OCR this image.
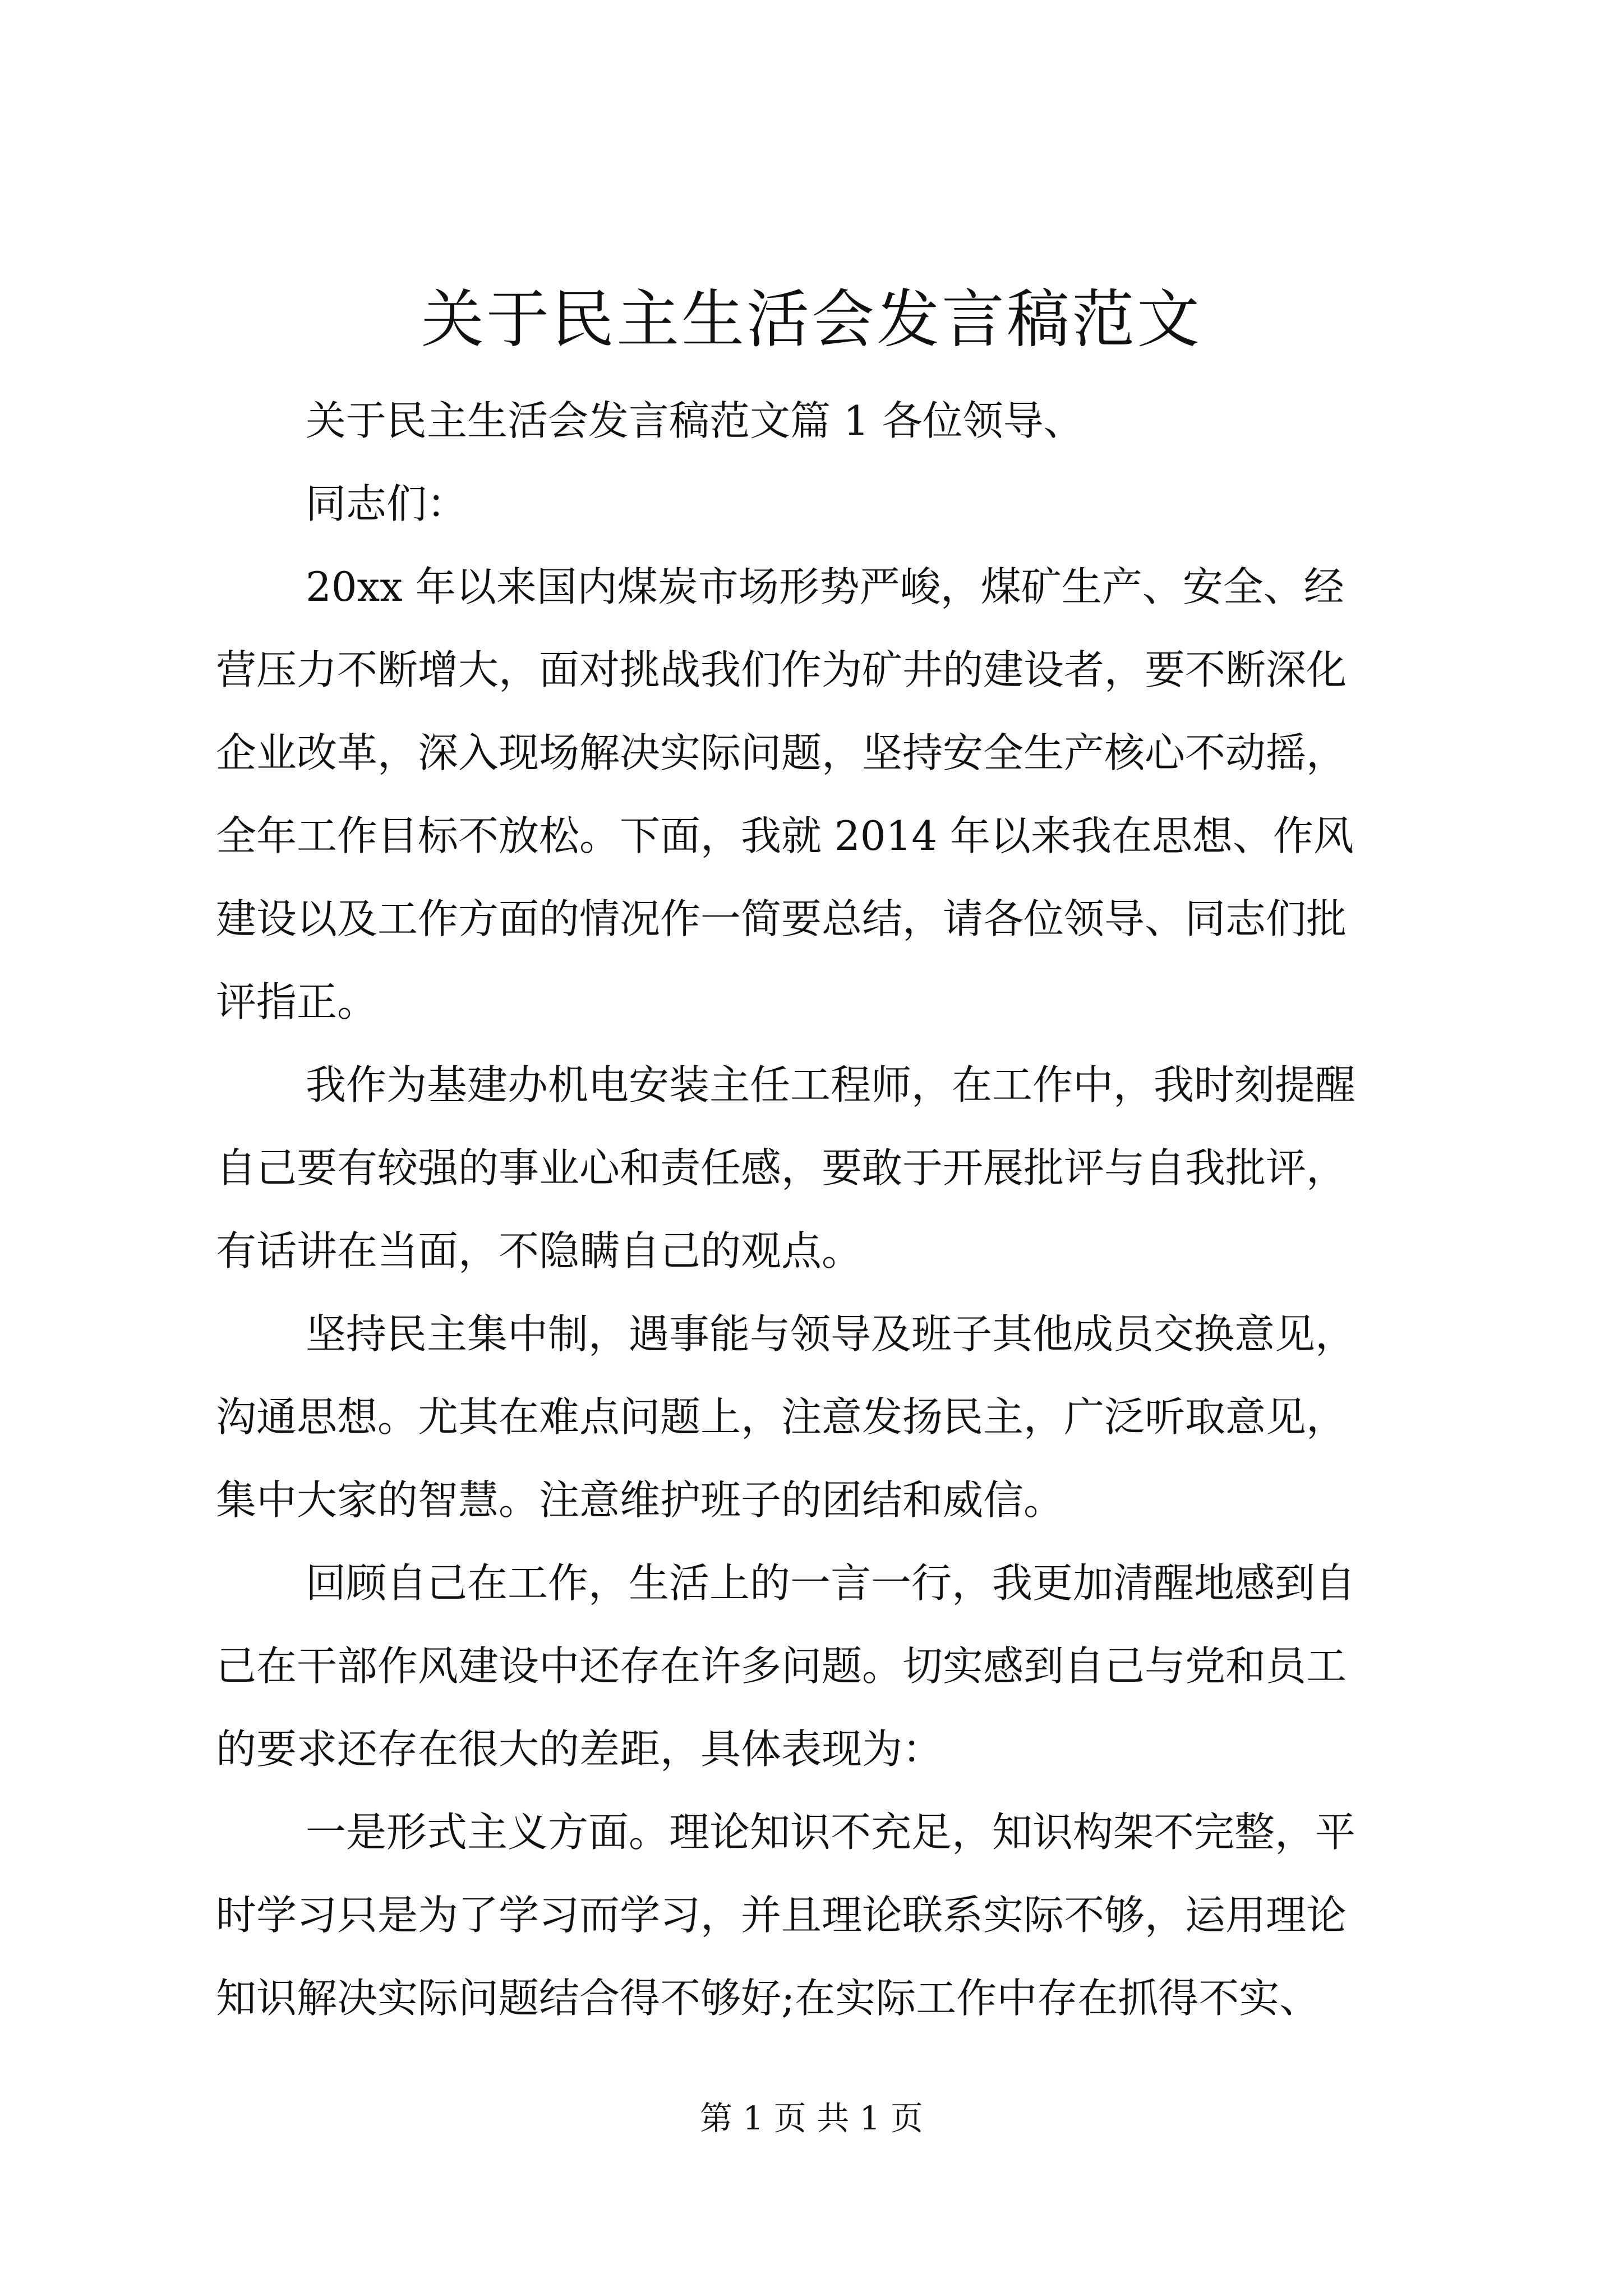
关于民主生活会发言稿范文
关于民主生活会发言稿范文篇 1 各位领导、
同志们：
20xx 年以来国内煤炭市场形势严峻，煤矿生产、安全、经
营压力不断增大，面对挑战我们作为矿井的建设者，要不断深化
企业改革，深入现场解决实际问题，坚持安全生产核心不动摇，
全年工作目标不放松。下面，我就 2014 年以来我在思想、作风
建设以及工作方面的情况作一简要总结，请各位领导、同志们批
评指正。
我作为基建办机电安装主任工程师，在工作中，我时刻提醒
自己要有较强的事业心和责任感，要敢于开展批评与自我批评，
有话讲在当面，不隐瞒自己的观点。
坚持民主集中制，遇事能与领导及班子其他成员交换意见，
沟通思想。尤其在难点问题上，注意发扬民主，广泛听取意见，
集中大家的智慧。注意维护班子的团结和威信。
回顾自己在工作，生活上的一言一行，我更加清醒地感到自
己在干部作风建设中还存在许多问题。切实感到自己与党和员工
的要求还存在很大的差距，具体表现为：
一是形式主义方面。理论知识不充足，知识构架不完整，平
时学习只是为了学习而学习，并且理论联系实际不够，运用理论
知识解决实际问题结合得不够好;在实际工作中存在抓得不实、
第 1 页 共 1 页
